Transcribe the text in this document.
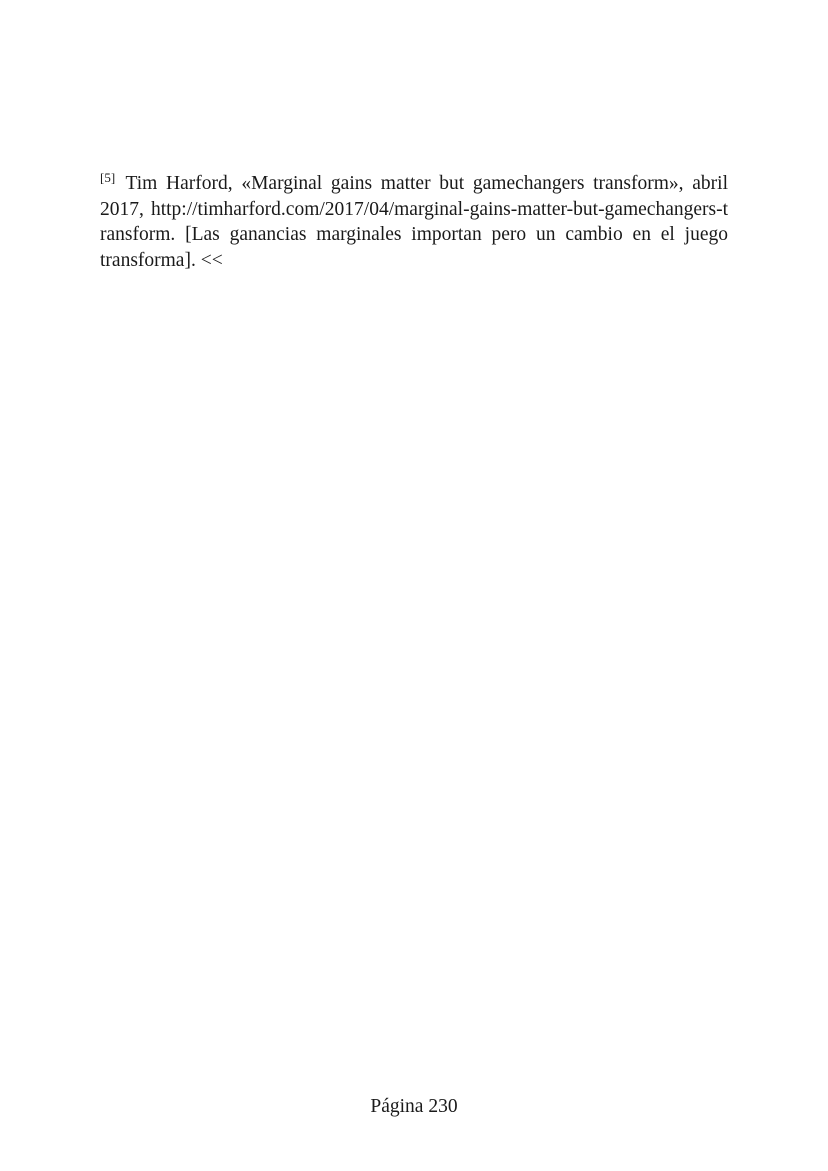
[5] Tim Harford, «Marginal gains matter but gamechangers transform», abril 2017, http://timharford.com/2017/04/marginal-gains-matter-but-gamechangers-transform. [Las ganancias marginales importan pero un cambio en el juego transforma]. <<

Página 230
